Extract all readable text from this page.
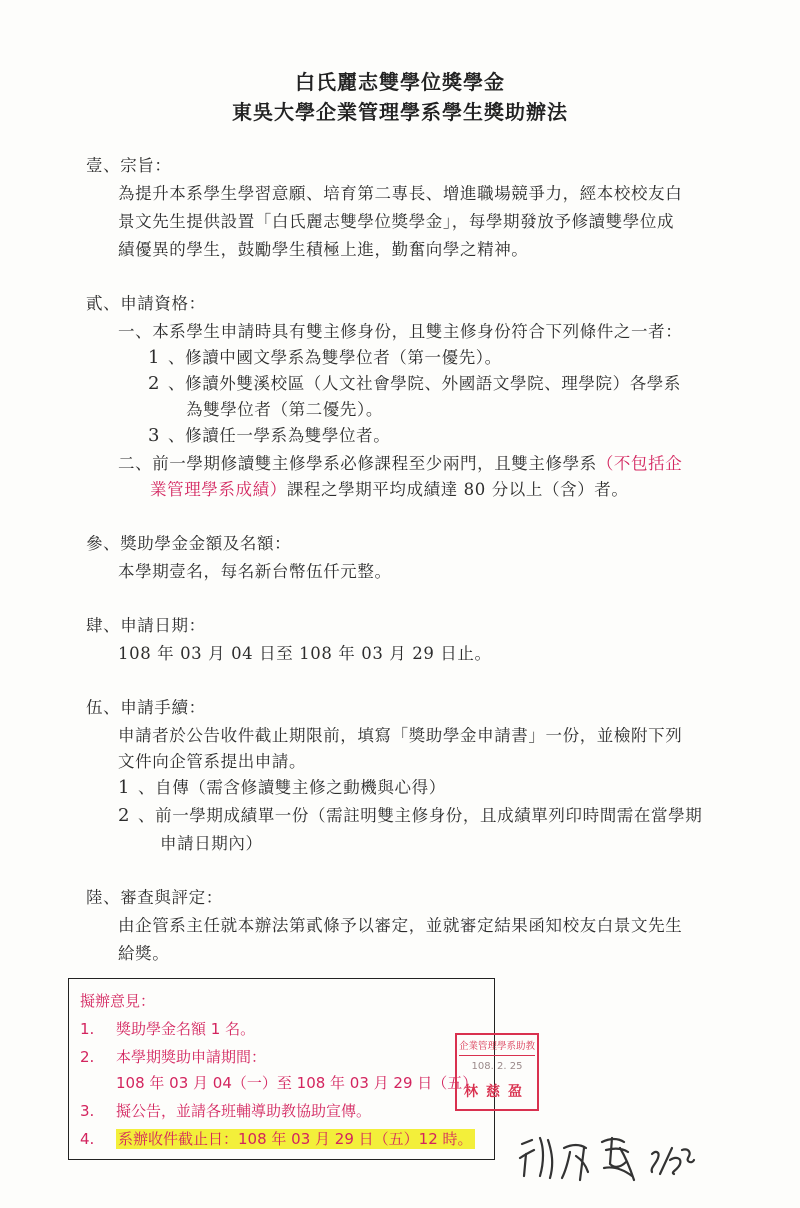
白氏麗志雙學位獎學金
東吳大學企業管理學系學生獎助辦法
壹、宗旨：
為提升本系學生學習意願、培育第二專長、增進職場競爭力，經本校校友白
景文先生提供設置「白氏麗志雙學位獎學金」，每學期發放予修讀雙學位成
績優異的學生，鼓勵學生積極上進，勤奮向學之精神。
貳、申請資格：
一、本系學生申請時具有雙主修身份，且雙主修身份符合下列條件之一者：
1 、修讀中國文學系為雙學位者（第一優先）。
2 、修讀外雙溪校區（人文社會學院、外國語文學院、理學院）各學系
為雙學位者（第二優先）。
3 、修讀任一學系為雙學位者。
二、前一學期修讀雙主修學系必修課程至少兩門，且雙主修學系（不包括企
業管理學系成績）課程之學期平均成績達 80 分以上（含）者。
參、獎助學金金額及名額：
本學期壹名，每名新台幣伍仟元整。
肆、申請日期：
108 年 03 月 04 日至 108 年 03 月 29 日止。
伍、申請手續：
申請者於公告收件截止期限前，填寫「獎助學金申請書」一份，並檢附下列
文件向企管系提出申請。
1 、自傳（需含修讀雙主修之動機與心得）
2 、前一學期成績單一份（需註明雙主修身份，且成績單列印時間需在當學期
申請日期內）
陸、審查與評定：
由企管系主任就本辦法第貳條予以審定，並就審定結果函知校友白景文先生
給獎。
擬辦意見：
1. 獎助學金名額 1 名。
2. 本學期獎助申請期間：
108 年 03 月 04（一）至 108 年 03 月 29 日（五）
3. 擬公告，並請各班輔導助教協助宣傳。
4. 系辦收件截止日：108 年 03 月 29 日（五）12 時。
企業管理學系助教
108. 2. 25
林慈盈
